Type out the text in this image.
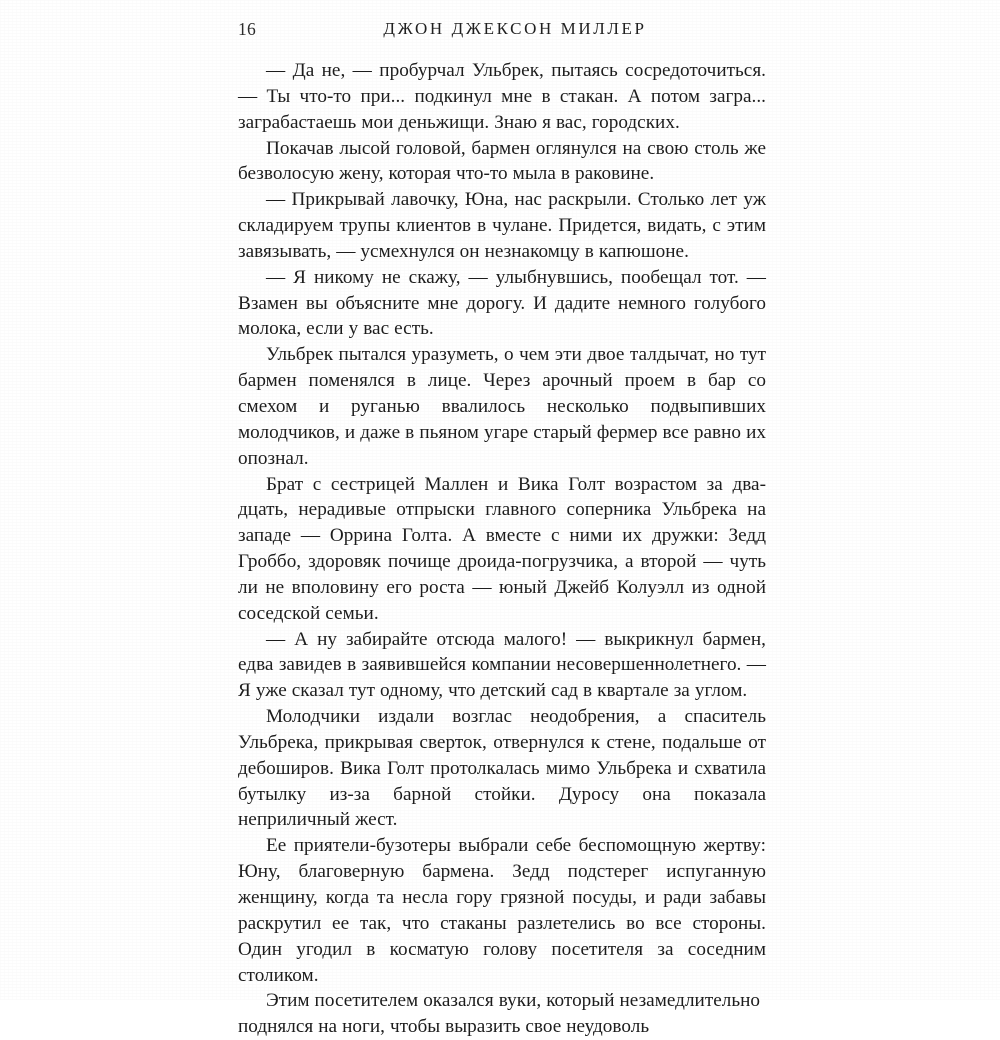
16	ДЖОН ДЖЕКСОН МИЛЛЕР

— Да не, — пробурчал Ульбрек, пытаясь сосредоточиться. — Ты что-то при... подкинул мне в стакан. А потом загра... заграбастаешь мои деньжищи. Знаю я вас, городских.

Покачав лысой головой, бармен оглянулся на свою столь же безволосую жену, которая что-то мыла в раковине.

— Прикрывай лавочку, Юна, нас раскрыли. Столько лет уж складируем трупы клиентов в чулане. Придется, видать, с этим завязывать, — усмехнулся он незнакомцу в капюшоне.

— Я никому не скажу, — улыбнувшись, пообещал тот. — Взамен вы объясните мне дорогу. И дадите немного голубого молока, если у вас есть.

Ульбрек пытался уразуметь, о чем эти двое талдычат, но тут бармен поменялся в лице. Через арочный проем в бар со смехом и руганью ввалилось несколько подвыпивших молодчиков, и даже в пьяном угаре старый фермер все равно их опознал.

Брат с сестрицей Маллен и Вика Голт возрастом за двадцать, нерадивые отпрыски главного соперника Ульбрека на западе — Оррина Голта. А вместе с ними их дружки: Зедд Гроббо, здоровяк почище дроида-погрузчика, а второй — чуть ли не вполовину его роста — юный Джейб Колуэлл из одной соседской семьи.

— А ну забирайте отсюда малого! — выкрикнул бармен, едва завидев в заявившейся компании несовершеннолетнего. — Я уже сказал тут одному, что детский сад в квартале за углом.

Молодчики издали возглас неодобрения, а спаситель Ульбрека, прикрывая сверток, отвернулся к стене, подальше от дебоширов. Вика Голт протолкалась мимо Ульбрека и схватила бутылку из-за барной стойки. Дуросу она показала неприличный жест.

Ее приятели-бузотеры выбрали себе беспомощную жертву: Юну, благоверную бармена. Зедд подстерег испуганную женщину, когда та несла гору грязной посуды, и ради забавы раскрутил ее так, что стаканы разлетелись во все стороны. Один угодил в косматую голову посетителя за соседним столиком.

Этим посетителем оказался вуки, который незамедлительно поднялся на ноги, чтобы выразить свое неудоволь
